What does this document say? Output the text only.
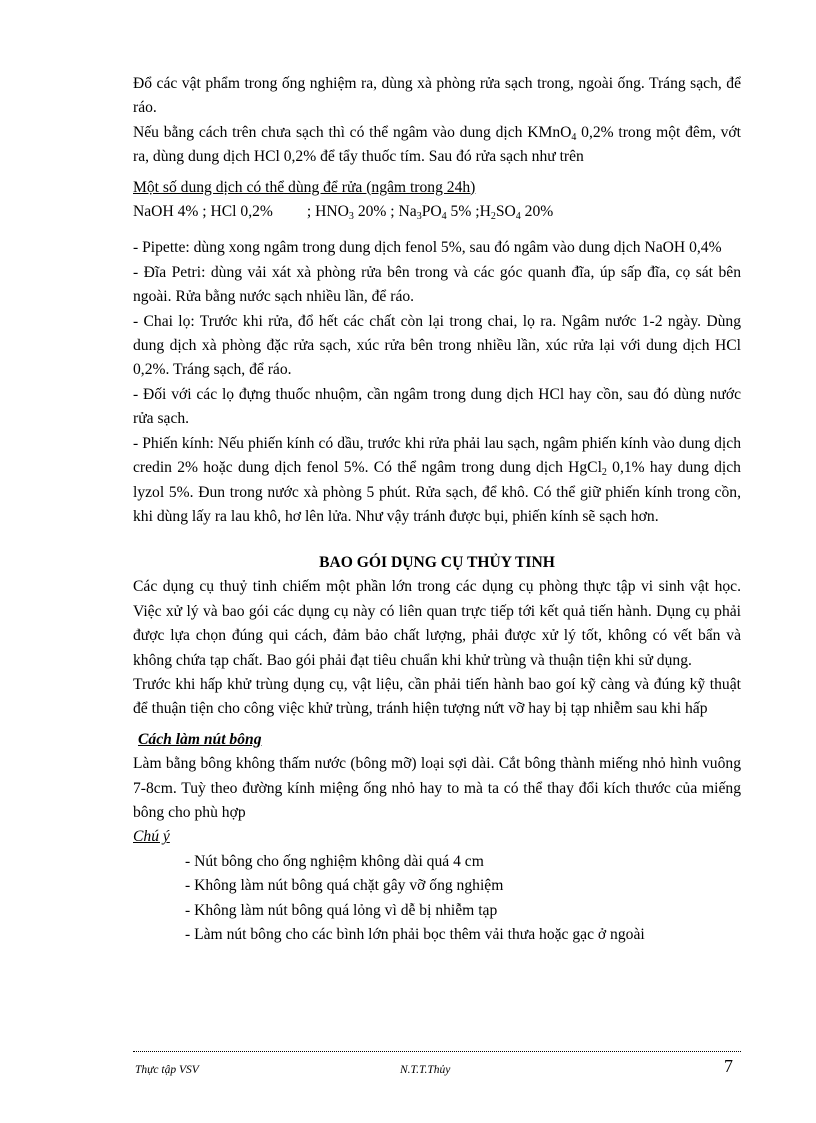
Đổ các vật phẩm trong ống nghiệm ra, dùng xà phòng rửa sạch trong, ngoài ống. Tráng sạch, để ráo.

Nếu bằng cách trên chưa sạch thì có thể ngâm vào dung dịch KMnO$_4$ 0,2% trong một đêm, vớt ra, dùng dung dịch HCl 0,2% để tẩy thuốc tím. Sau đó rửa sạch như trên

Một số dung dịch có thể dùng để rửa (ngâm trong 24h)

NaOH 4% ; HCl 0,2% ; $HNO_3$ 20% ; $Na_3PO_4$ 5% $;H_2SO_4$ 20%

- Pipette: dùng xong ngâm trong dung dịch fenol 5%, sau đó ngâm vào dung dịch NaOH 0,4%

- Đĩa Petri: dùng vải xát xà phòng rửa bên trong và các góc quanh đĩa, úp sấp đĩa, cọ sát bên ngoài. Rửa bằng nước sạch nhiều lần, để ráo.

- Chai lọ: Trước khi rửa, đổ hết các chất còn lại trong chai, lọ ra. Ngâm nước 1-2 ngày. Dùng dung dịch xà phòng đặc rửa sạch, xúc rửa bên trong nhiều lần, xúc rửa lại với dung dịch HCl 0,2%. Tráng sạch, để ráo.

- Đối với các lọ đựng thuốc nhuộm, cần ngâm trong dung dịch HCl hay cồn, sau đó dùng nước rửa sạch.

- Phiến kính: Nếu phiến kính có dầu, trước khi rửa phải lau sạch, ngâm phiến kính vào dung dịch credin 2% hoặc dung dịch fenol 5%. Có thể ngâm trong dung dịch HgCl$_2$ 0,1% hay dung dịch lyzol 5%. Đun trong nước xà phòng 5 phút. Rửa sạch, để khô. Có thể giữ phiến kính trong cồn, khi dùng lấy ra lau khô, hơ lên lửa. Như vậy tránh được bụi, phiến kính sẽ sạch hơn.

BAO GÓI DỤNG CỤ THỦY TINH

Các dụng cụ thuỷ tinh chiếm một phần lớn trong các dụng cụ phòng thực tập vi sinh vật học. Việc xử lý và bao gói các dụng cụ này có liên quan trực tiếp tới kết quả tiến hành. Dụng cụ phải được lựa chọn đúng qui cách, đảm bảo chất lượng, phải được xử lý tốt, không có vết bẩn và không chứa tạp chất. Bao gói phải đạt tiêu chuẩn khi khử trùng và thuận tiện khi sử dụng.

Trước khi hấp khử trùng dụng cụ, vật liệu, cần phải tiến hành bao goí kỹ càng và đúng kỹ thuật để thuận tiện cho công việc khử trùng, tránh hiện tượng nứt vỡ hay bị tạp nhiễm sau khi hấp

Cách làm nút bông

Làm bằng bông không thấm nước (bông mỡ) loại sợi dài. Cắt bông thành miếng nhỏ hình vuông 7-8cm. Tuỳ theo đường kính miệng ống nhỏ hay to mà ta có thể thay đổi kích thước của miếng bông cho phù hợp

Chú ý

- Nút bông cho ống nghiệm không dài quá 4 cm

- Không làm nút bông quá chặt gây vỡ ống nghiệm

- Không làm nút bông quá lỏng vì dễ bị nhiễm tạp

- Làm nút bông cho các bình lớn phải bọc thêm vải thưa hoặc gạc ở ngoài

Thực tập VSV	N.T.T.Thủy	7
